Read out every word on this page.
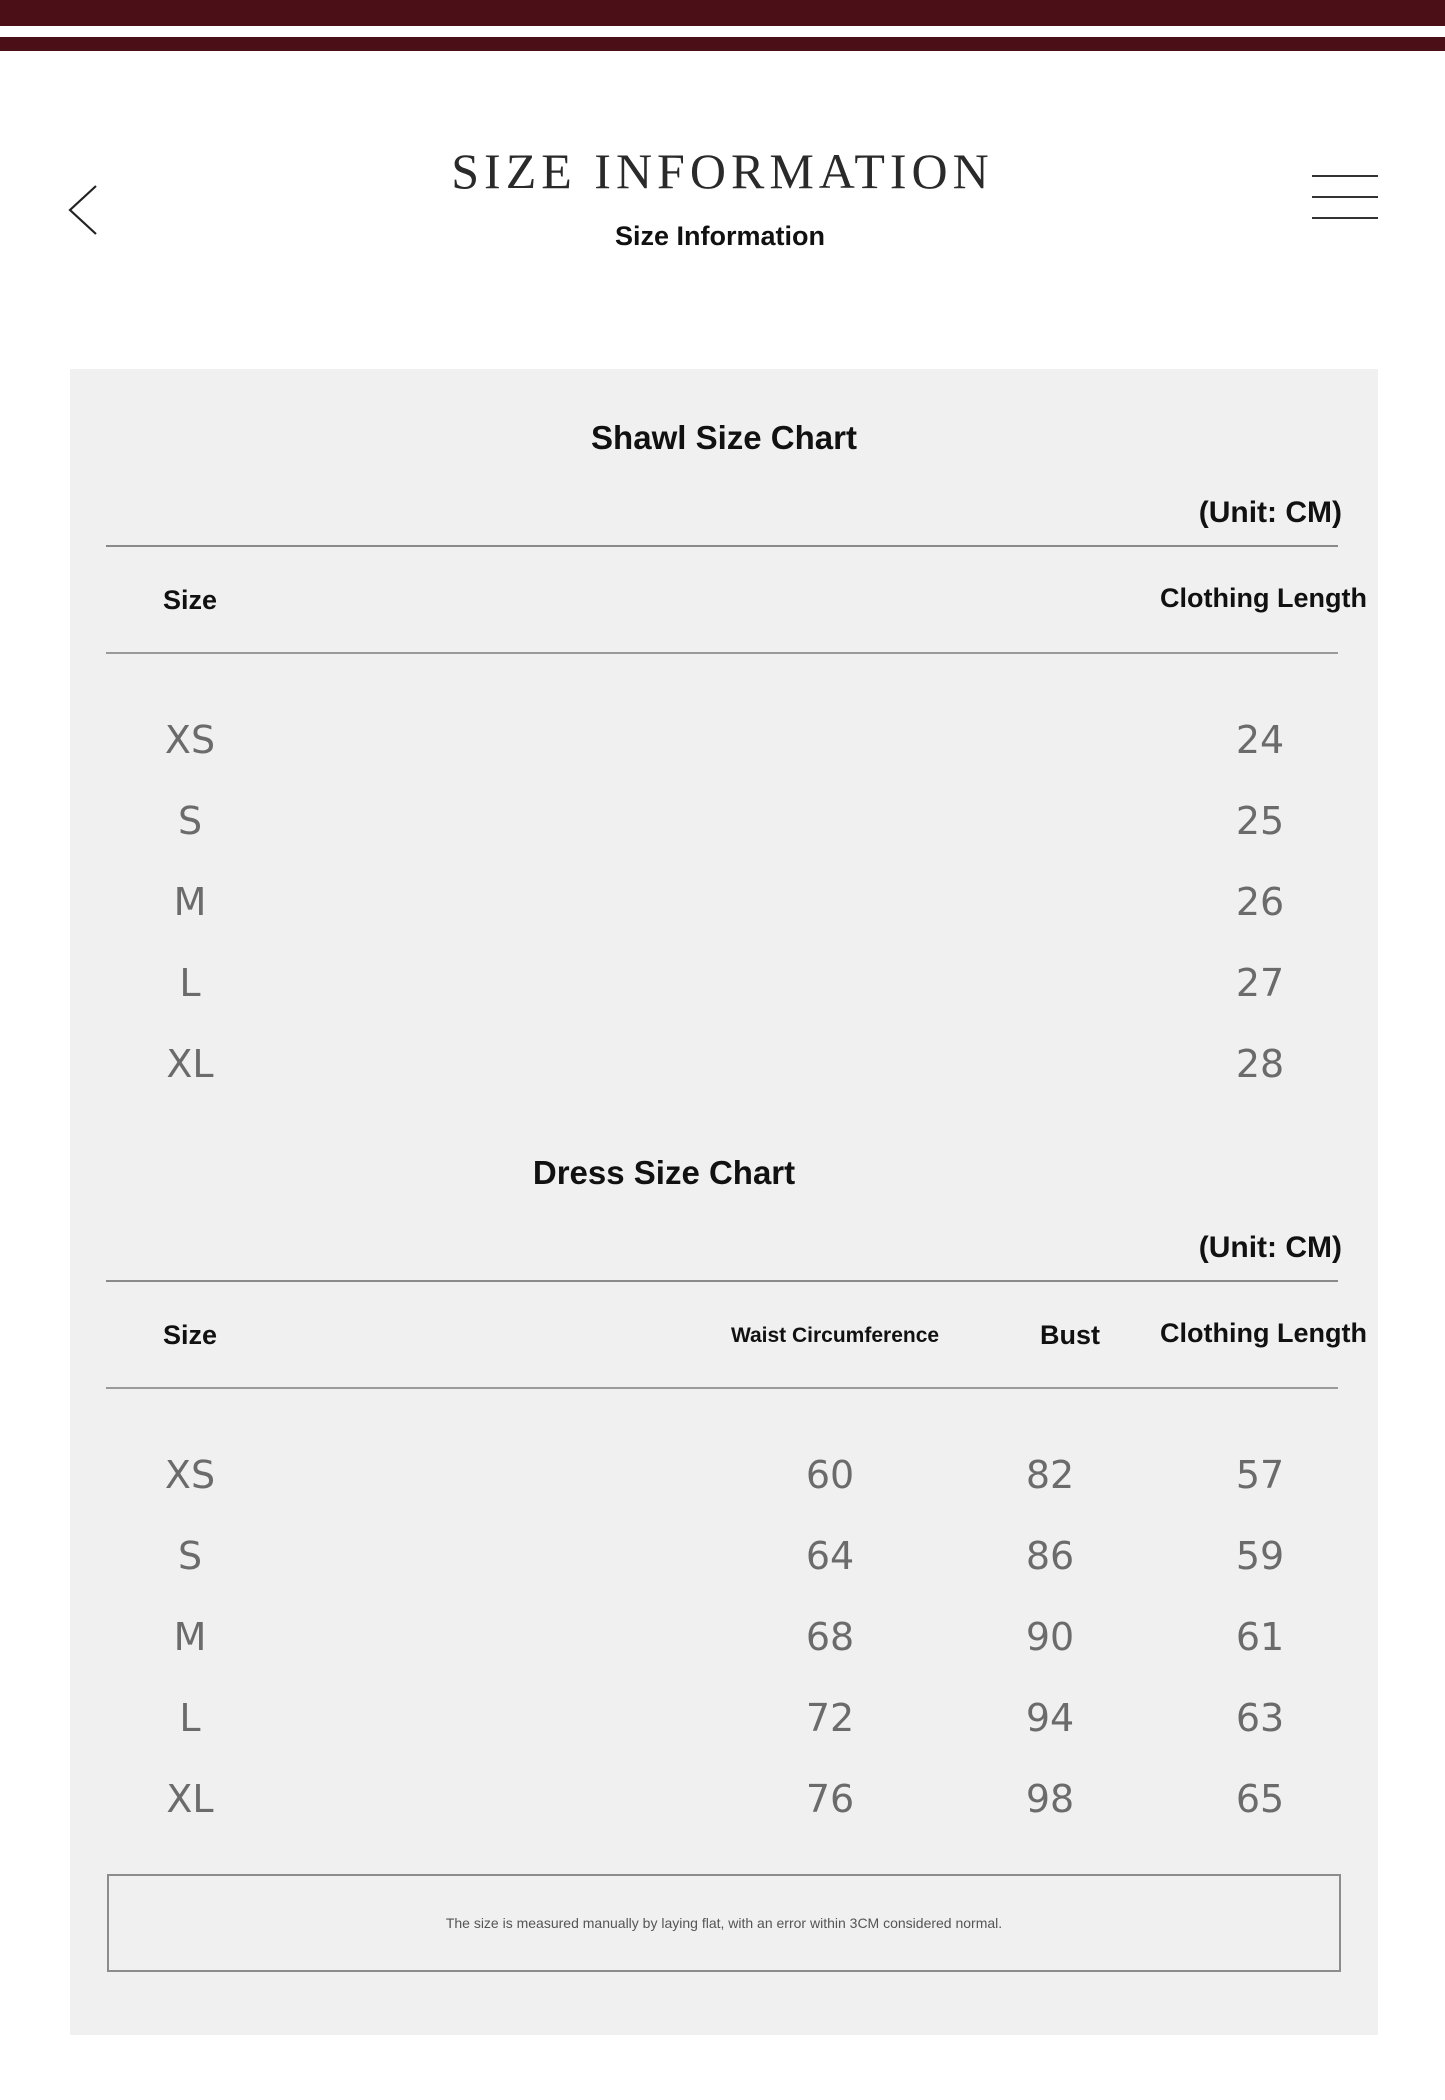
SIZE INFORMATION
Size Information
Shawl Size Chart
(Unit: CM)
Size	Clothing Length
XS	24
S	25
M	26
L	27
XL	28
Dress Size Chart
(Unit: CM)
Size	Waist Circumference	Bust	Clothing Length
XS	60	82	57
S	64	86	59
M	68	90	61
L	72	94	63
XL	76	98	65
The size is measured manually by laying flat, with an error within 3CM considered normal.
